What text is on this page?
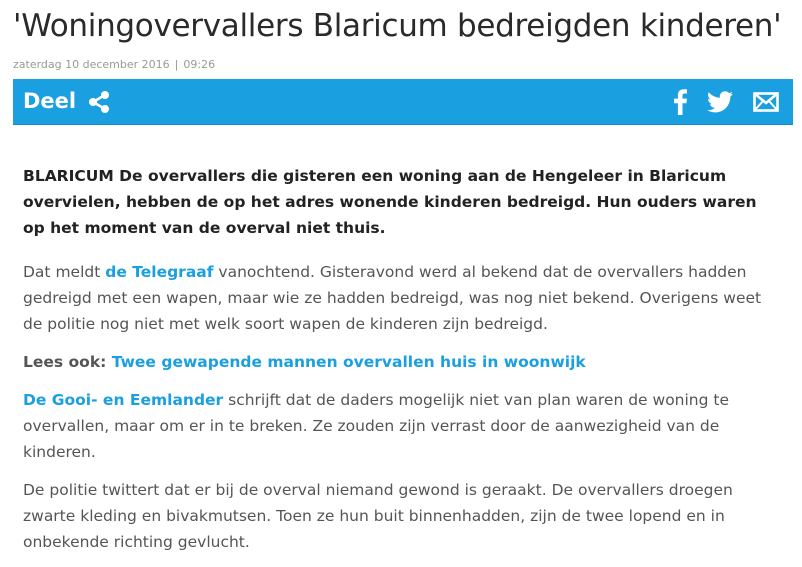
'Woningovervallers Blaricum bedreigden kinderen'
zaterdag 10 december 2016 | 09:26
Deel

BLARICUM De overvallers die gisteren een woning aan de Hengeleer in Blaricum overvielen, hebben de op het adres wonende kinderen bedreigd. Hun ouders waren op het moment van de overval niet thuis.

Dat meldt de Telegraaf vanochtend. Gisteravond werd al bekend dat de overvallers hadden gedreigd met een wapen, maar wie ze hadden bedreigd, was nog niet bekend. Overigens weet de politie nog niet met welk soort wapen de kinderen zijn bedreigd.

Lees ook: Twee gewapende mannen overvallen huis in woonwijk

De Gooi- en Eemlander schrijft dat de daders mogelijk niet van plan waren de woning te overvallen, maar om er in te breken. Ze zouden zijn verrast door de aanwezigheid van de kinderen.

De politie twittert dat er bij de overval niemand gewond is geraakt. De overvallers droegen zwarte kleding en bivakmutsen. Toen ze hun buit binnenhadden, zijn de twee lopend en in onbekende richting gevlucht.
